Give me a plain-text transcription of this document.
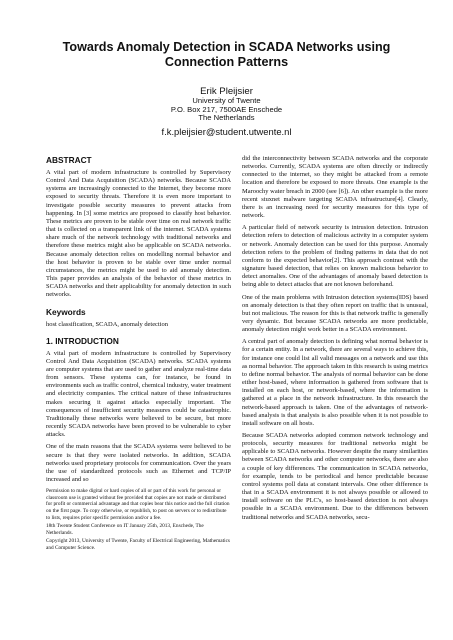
Towards Anomaly Detection in SCADA Networks using
Connection Patterns
Erik Pleijsier
University of Twente
P.O. Box 217, 7500AE Enschede
The Netherlands
f.k.pleijsier@student.utwente.nl
ABSTRACT

A vital part of modern infrastructure is controlled by Supervisory Control And Data Acquisition (SCADA) networks. Because SCADA systems are increasingly connected to the Internet, they become more exposed to security threats. Therefore it is even more important to investigate possible security measures to prevent attacks from happening. In [3] some metrics are proposed to classify host behavior. These metrics are proven to be stable over time on real network traffic that is collected on a transparent link of the internet. SCADA systems share much of the network technology with traditional networks and therefore these metrics might also be applicable on SCADA networks. Because anomaly detection relies on modelling normal behavior and the host behavior is proven to be stable over time under normal circumstances, the metrics might be used to aid anomaly detection. This paper provides an analysis of the behavior of these metrics in SCADA networks and their applicability for anomaly detection in such networks.

Keywords

host classification, SCADA, anomaly detection

1. INTRODUCTION

A vital part of modern infrastructure is controlled by Supervisory Control And Data Acquisition (SCADA) networks. SCADA systems are computer systems that are used to gather and analyze real-time data from sensors. These systems can, for instance, be found in environments such as traffic control, chemical industry, water treatment and electricity companies. The critical nature of these infrastructures makes securing it against attacks especially important. The consequences of insufficient security measures could be catastrophic. Traditionally these networks were believed to be secure, but more recently SCADA networks have been proved to be vulnerable to cyber attacks.

One of the main reasons that the SCADA systems were believed to be secure is that they were isolated networks. In addition, SCADA networks used proprietary protocols for communication. Over the years the use of standardized protocols such as Ethernet and TCP/IP increased and so

Permission to make digital or hard copies of all or part of this work for personal or classroom use is granted without fee provided that copies are not made or distributed for profit or commercial advantage and that copies bear this notice and the full citation on the first page. To copy otherwise, or republish, to post on servers or to redistribute to lists, requires prior specific permission and/or a fee.

18th Twente Student Conference on IT January 25th, 2013, Enschede, The Netherlands.

Copyright 2013, University of Twente, Faculty of Electrical Engineering, Mathematics and Computer Science.

did the interconnectivity between SCADA networks and the corporate networks. Currently, SCADA systems are often directly or indirectly connected to the internet, so they might be attacked from a remote location and therefore be exposed to more threats. One example is the Maroochy water breach in 2000 (see [6]). An other example is the more recent stuxnet malware targeting SCADA infrastructure[4]. Clearly, there is an increasing need for security measures for this type of network.

A particular field of network security is intrusion detection. Intrusion detection refers to detection of malicious activity in a computer system or network. Anomaly detection can be used for this purpose. Anomaly detection refers to the problem of finding patterns in data that do not conform to the expected behavior[2]. This approach contrast with the signature based detection, that relies on known malicious behavior to detect anomalies. One of the advantages of anomaly based detection is being able to detect attacks that are not known beforehand.

One of the main problems with Intrusion detection systems(IDS) based on anomaly detection is that they often report on traffic that is unusual, but not malicious. The reason for this is that network traffic is generally very dynamic. But because SCADA networks are more predictable, anomaly detection might work better in a SCADA environment.

A central part of anomaly detection is defining what normal behavior is for a certain entity. In a network, there are several ways to achieve this, for instance one could list all valid messages on a network and use this as normal behavior. The approach taken in this research is using metrics to define normal behavior. The analysis of normal behavior can be done either host-based, where information is gathered from software that is installed on each host, or network-based, where the information is gathered at a place in the network infrastructure. In this research the network-based approach is taken. One of the advantages of network-based analysis is that analysis is also possible when it is not possible to install software on all hosts.

Because SCADA networks adopted common network technology and protocols, security measures for traditional networks might be applicable to SCADA networks. However despite the many similarities between SCADA networks and other computer networks, there are also a couple of key differences. The communication in SCADA networks, for example, tends to be periodical and hence predictable because control systems poll data at constant intervals. One other difference is that in a SCADA environment it is not always possible or allowed to install software on the PLC's, so host-based detection is not always possible in a SCADA environment. Due to the differences between traditional networks and SCADA networks, secu-
